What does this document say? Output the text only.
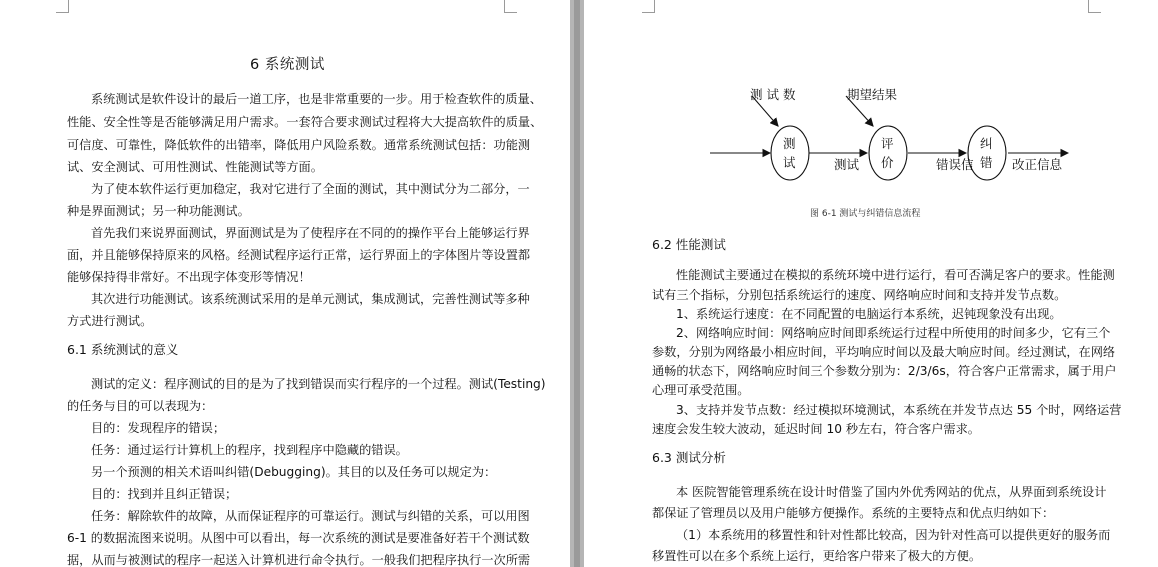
6 系统测试
系统测试是软件设计的最后一道工序，也是非常重要的一步。用于检查软件的质量、
性能、安全性等是否能够满足用户需求。一套符合要求测试过程将大大提高软件的质量、
可信度、可靠性，降低软件的出错率，降低用户风险系数。通常系统测试包括：功能测
试、安全测试、可用性测试、性能测试等方面。
为了使本软件运行更加稳定，我对它进行了全面的测试，其中测试分为二部分，一
种是界面测试；另一种功能测试。
首先我们来说界面测试，界面测试是为了使程序在不同的的操作平台上能够运行界
面，并且能够保持原来的风格。经测试程序运行正常，运行界面上的字体图片等设置都
能够保持得非常好。不出现字体变形等情况！
其次进行功能测试。该系统测试采用的是单元测试，集成测试，完善性测试等多种
方式进行测试。
6.1 系统测试的意义
测试的定义：程序测试的目的是为了找到错误而实行程序的一个过程。测试(Testing)
的任务与目的可以表现为：
目的：发现程序的错误；
任务：通过运行计算机上的程序，找到程序中隐藏的错误。
另一个预测的相关术语叫纠错(Debugging)。其目的以及任务可以规定为：
目的：找到并且纠正错误；
任务：解除软件的故障，从而保证程序的可靠运行。测试与纠错的关系，可以用图
6-1 的数据流图来说明。从图中可以看出，每一次系统的测试是要准备好若干个测试数
据，从而与被测试的程序一起送入计算机进行命令执行。一般我们把程序执行一次所需
测 试 数	期望结果
测
试
评
价
纠
错
测试	错误信	改正信息
图 6-1 测试与纠错信息流程
6.2 性能测试
性能测试主要通过在模拟的系统环境中进行运行，看可否满足客户的要求。性能测
试有三个指标，分别包括系统运行的速度、网络响应时间和支持并发节点数。
1、系统运行速度：在不同配置的电脑运行本系统，迟钝现象没有出现。
2、网络响应时间：网络响应时间即系统运行过程中所使用的时间多少，它有三个
参数，分别为网络最小相应时间，平均响应时间以及最大响应时间。经过测试，在网络
通畅的状态下，网络响应时间三个参数分别为：2/3/6s，符合客户正常需求，属于用户
心理可承受范围。
3、支持并发节点数：经过模拟环境测试，本系统在并发节点达 55 个时，网络运营
速度会发生较大波动，延迟时间 10 秒左右，符合客户需求。
6.3 测试分析
本 医院智能管理系统在设计时借鉴了国内外优秀网站的优点，从界面到系统设计
都保证了管理员以及用户能够方便操作。系统的主要特点和优点归纳如下：
（1）本系统用的移置性和针对性都比较高，因为针对性高可以提供更好的服务而
移置性可以在多个系统上运行，更给客户带来了极大的方便。
